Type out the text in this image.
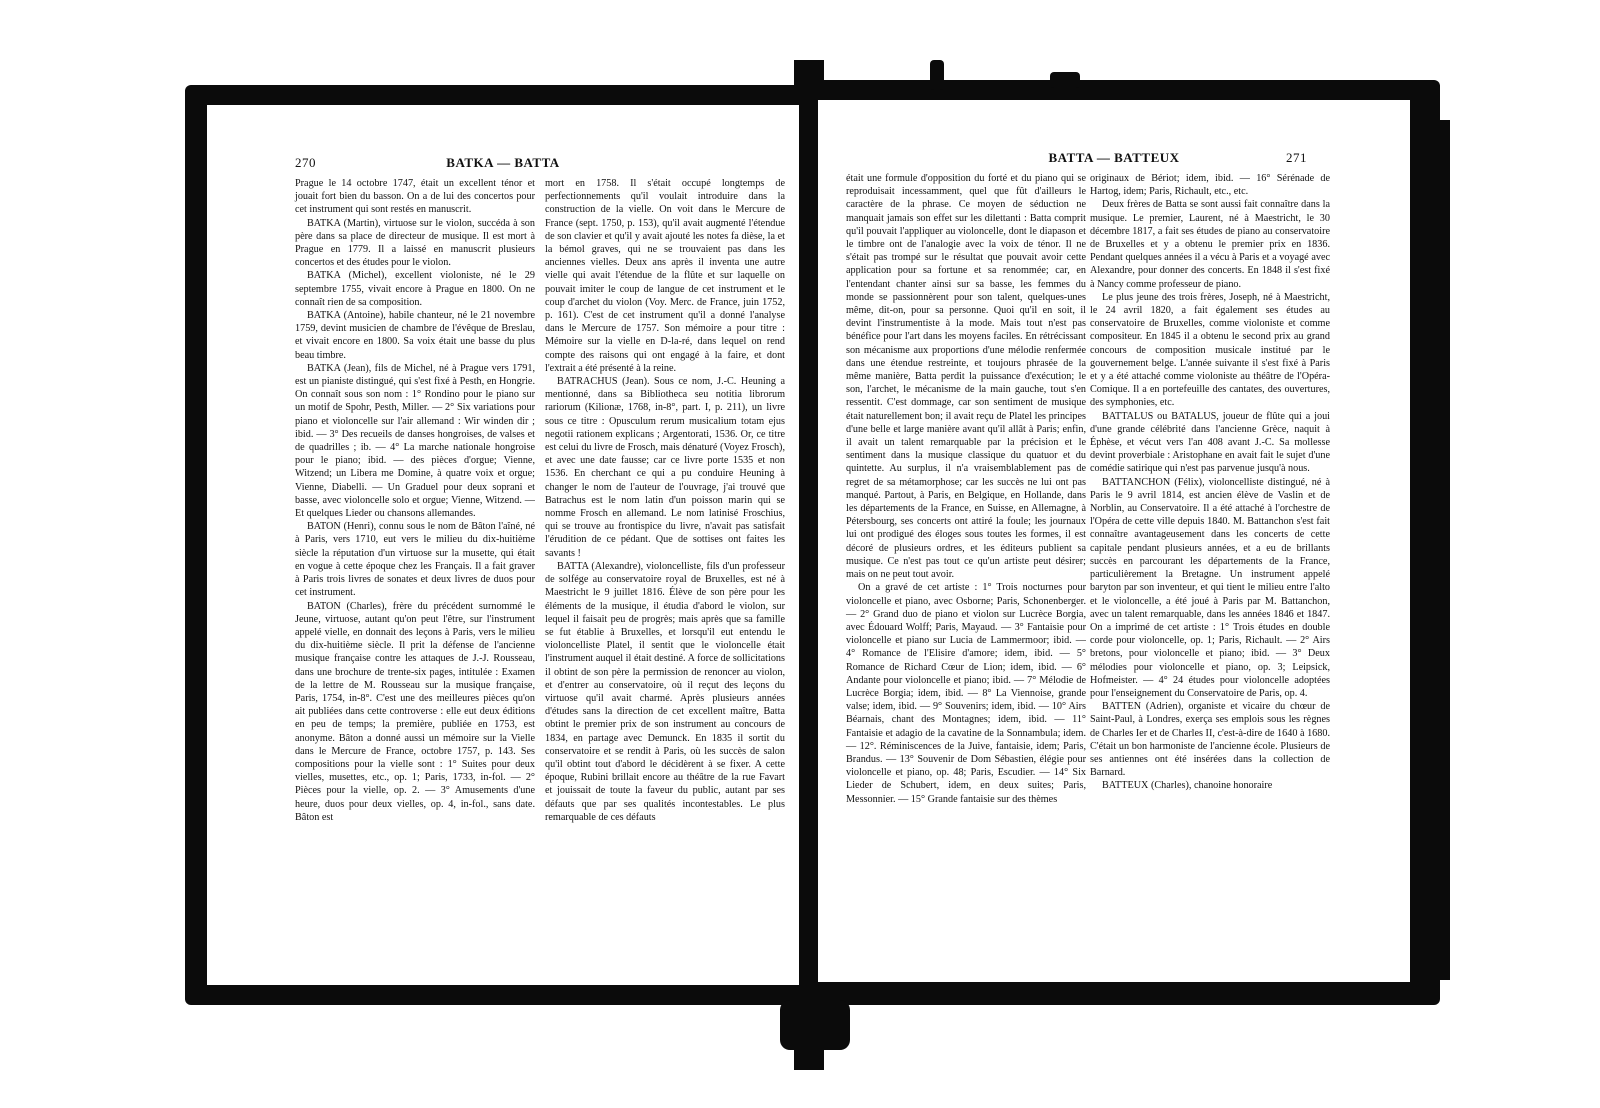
BATKA — BATTA
270

Prague le 14 octobre 1747, était un excellent ténor et jouait fort bien du basson. On a de lui des concertos pour cet instrument qui sont restés en manuscrit.

BATKA (Martin), virtuose sur le violon, succéda à son père dans sa place de directeur de musique. Il est mort à Prague en 1779. Il a laissé en manuscrit plusieurs concertos et des études pour le violon.

BATKA (Michel), excellent violoniste, né le 29 septembre 1755, vivait encore à Prague en 1800. On ne connaît rien de sa composition.

BATKA (Antoine), habile chanteur, né le 21 novembre 1759, devint musicien de chambre de l'évêque de Breslau, et vivait encore en 1800. Sa voix était une basse du plus beau timbre.

BATKA (Jean), fils de Michel, né à Prague vers 1791, est un pianiste distingué, qui s'est fixé à Pesth, en Hongrie. On connaît sous son nom : 1° Rondino pour le piano sur un motif de Spohr, Pesth, Miller. — 2° Six variations pour piano et violoncelle sur l'air allemand : Wir winden dir ; ibid. — 3° Des recueils de danses hongroises, de valses et de quadrilles ; ib. — 4° La marche nationale hongroise pour le piano; ibid. — des pièces d'orgue; Vienne, Witzend; un Libera me Domine, à quatre voix et orgue; Vienne, Diabelli. — Un Graduel pour deux soprani et basse, avec violoncelle solo et orgue; Vienne, Witzend. — Et quelques Lieder ou chansons allemandes.

BATON (Henri), connu sous le nom de Bâton l'aîné, né à Paris, vers 1710, eut vers le milieu du dix-huitième siècle la réputation d'un virtuose sur la musette, qui était en vogue à cette époque chez les Français. Il a fait graver à Paris trois livres de sonates et deux livres de duos pour cet instrument.

BATON (Charles), frère du précédent surnommé le Jeune, virtuose, autant qu'on peut l'être, sur l'instrument appelé vielle, en donnait des leçons à Paris, vers le milieu du dix-huitième siècle. Il prit la défense de l'ancienne musique française contre les attaques de J.-J. Rousseau, dans une brochure de trente-six pages, intitulée : Examen de la lettre de M. Rousseau sur la musique française, Paris, 1754, in-8°. C'est une des meilleures pièces qu'on ait publiées dans cette controverse : elle eut deux éditions en peu de temps; la première, publiée en 1753, est anonyme. Bâton a donné aussi un mémoire sur la Vielle dans le Mercure de France, octobre 1757, p. 143. Ses compositions pour la vielle sont : 1° Suites pour deux vielles, musettes, etc., op. 1; Paris, 1733, in-fol. — 2° Pièces pour la vielle, op. 2. — 3° Amusements d'une heure, duos pour deux vielles, op. 4, in-fol., sans date. Bâton est

mort en 1758. Il s'était occupé longtemps de perfectionnements qu'il voulait introduire dans la construction de la vielle. On voit dans le Mercure de France (sept. 1750, p. 153), qu'il avait augmenté l'étendue de son clavier et qu'il y avait ajouté les notes fa dièse, la et la bémol graves, qui ne se trouvaient pas dans les anciennes vielles. Deux ans après il inventa une autre vielle qui avait l'étendue de la flûte et sur laquelle on pouvait imiter le coup de langue de cet instrument et le coup d'archet du violon (Voy. Merc. de France, juin 1752, p. 161). C'est de cet instrument qu'il a donné l'analyse dans le Mercure de 1757. Son mémoire a pour titre : Mémoire sur la vielle en D-la-ré, dans lequel on rend compte des raisons qui ont engagé à la faire, et dont l'extrait a été présenté à la reine.

BATRACHUS (Jean). Sous ce nom, J.-C. Heuning a mentionné, dans sa Bibliotheca seu notitia librorum rariorum (Kilionæ, 1768, in-8°, part. I, p. 211), un livre sous ce titre : Opusculum rerum musicalium totam ejus negotii rationem explicans ; Argentorati, 1536. Or, ce titre est celui du livre de Frosch, mais dénaturé (Voyez Frosch), et avec une date fausse; car ce livre porte 1535 et non 1536. En cherchant ce qui a pu conduire Heuning à changer le nom de l'auteur de l'ouvrage, j'ai trouvé que Batrachus est le nom latin d'un poisson marin qui se nomme Frosch en allemand. Le nom latinisé Froschius, qui se trouve au frontispice du livre, n'avait pas satisfait l'érudition de ce pédant. Que de sottises ont faites les savants !

BATTA (Alexandre), violoncelliste, fils d'un professeur de solfége au conservatoire royal de Bruxelles, est né à Maestricht le 9 juillet 1816. Élève de son père pour les éléments de la musique, il étudia d'abord le violon, sur lequel il faisait peu de progrès; mais après que sa famille se fut établie à Bruxelles, et lorsqu'il eut entendu le violoncelliste Platel, il sentit que le violoncelle était l'instrument auquel il était destiné. A force de sollicitations il obtint de son père la permission de renoncer au violon, et d'entrer au conservatoire, où il reçut des leçons du virtuose qu'il avait charmé. Après plusieurs années d'études sans la direction de cet excellent maître, Batta obtint le premier prix de son instrument au concours de 1834, en partage avec Demunck. En 1835 il sortit du conservatoire et se rendit à Paris, où les succès de salon qu'il obtint tout d'abord le décidèrent à se fixer. A cette époque, Rubini brillait encore au théâtre de la rue Favart et jouissait de toute la faveur du public, autant par ses défauts que par ses qualités incontestables. Le plus remarquable de ces défauts

BATTA — BATTEUX	271

était une formule d'opposition du forté et du piano qui se reproduisait incessamment, quel que fût d'ailleurs le caractère de la phrase. Ce moyen de séduction ne manquait jamais son effet sur les dilettanti : Batta comprit qu'il pouvait l'appliquer au violoncelle, dont le diapason et le timbre ont de l'analogie avec la voix de ténor. Il ne s'était pas trompé sur le résultat que pouvait avoir cette application pour sa fortune et sa renommée; car, en l'entendant chanter ainsi sur sa basse, les femmes du monde se passionnèrent pour son talent, quelques-unes même, dit-on, pour sa personne. Quoi qu'il en soit, il devint l'instrumentiste à la mode. Mais tout n'est pas bénéfice pour l'art dans les moyens faciles. En rétrécissant son mécanisme aux proportions d'une mélodie renfermée dans une étendue restreinte, et toujours phrasée de la même manière, Batta perdit la puissance d'exécution; le son, l'archet, le mécanisme de la main gauche, tout s'en ressentit. C'est dommage, car son sentiment de musique était naturellement bon; il avait reçu de Platel les principes d'une belle et large manière avant qu'il allât à Paris; enfin, il avait un talent remarquable par la précision et le sentiment dans la musique classique du quatuor et du quintette. Au surplus, il n'a vraisemblablement pas de regret de sa métamorphose; car les succès ne lui ont pas manqué. Partout, à Paris, en Belgique, en Hollande, dans les départements de la France, en Suisse, en Allemagne, à Pétersbourg, ses concerts ont attiré la foule; les journaux lui ont prodigué des éloges sous toutes les formes, il est décoré de plusieurs ordres, et les éditeurs publient sa musique. Ce n'est pas tout ce qu'un artiste peut désirer; mais on ne peut tout avoir.

On a gravé de cet artiste : 1° Trois nocturnes pour violoncelle et piano, avec Osborne; Paris, Schonenberger. — 2° Grand duo de piano et violon sur Lucrèce Borgia, avec Édouard Wolff; Paris, Mayaud. — 3° Fantaisie pour violoncelle et piano sur Lucia de Lammermoor; ibid. — 4° Romance de l'Elisire d'amore; idem, ibid. — 5° Romance de Richard Cœur de Lion; idem, ibid. — 6° Andante pour violoncelle et piano; ibid. — 7° Mélodie de Lucrèce Borgia; idem, ibid. — 8° La Viennoise, grande valse; idem, ibid. — 9° Souvenirs; idem, ibid. — 10° Airs Béarnais, chant des Montagnes; idem, ibid. — 11° Fantaisie et adagio de la cavatine de la Sonnambula; idem. — 12°. Réminiscences de la Juive, fantaisie, idem; Paris, Brandus. — 13° Souvenir de Dom Sébastien, élégie pour violoncelle et piano, op. 48; Paris, Escudier. — 14° Six Lieder de Schubert, idem, en deux suites; Paris, Messonnier. — 15° Grande fantaisie sur des thèmes

originaux de Bériot; idem, ibid. — 16° Sérénade de Hartog, idem; Paris, Richault, etc., etc.

Deux frères de Batta se sont aussi fait connaître dans la musique. Le premier, Laurent, né à Maestricht, le 30 décembre 1817, a fait ses études de piano au conservatoire de Bruxelles et y a obtenu le premier prix en 1836. Pendant quelques années il a vécu à Paris et a voyagé avec Alexandre, pour donner des concerts. En 1848 il s'est fixé à Nancy comme professeur de piano.

Le plus jeune des trois frères, Joseph, né à Maestricht, le 24 avril 1820, a fait également ses études au conservatoire de Bruxelles, comme violoniste et comme compositeur. En 1845 il a obtenu le second prix au grand concours de composition musicale institué par le gouvernement belge. L'année suivante il s'est fixé à Paris et y a été attaché comme violoniste au théâtre de l'Opéra-Comique. Il a en portefeuille des cantates, des ouvertures, des symphonies, etc.

BATTALUS ou BATALUS, joueur de flûte qui a joui d'une grande célébrité dans l'ancienne Grèce, naquit à Éphèse, et vécut vers l'an 408 avant J.-C. Sa mollesse devint proverbiale : Aristophane en avait fait le sujet d'une comédie satirique qui n'est pas parvenue jusqu'à nous.

BATTANCHON (Félix), violoncelliste distingué, né à Paris le 9 avril 1814, est ancien élève de Vaslin et de Norblin, au Conservatoire. Il a été attaché à l'orchestre de l'Opéra de cette ville depuis 1840. M. Battanchon s'est fait connaître avantageusement dans les concerts de cette capitale pendant plusieurs années, et a eu de brillants succès en parcourant les départements de la France, particulièrement la Bretagne. Un instrument appelé baryton par son inventeur, et qui tient le milieu entre l'alto et le violoncelle, a été joué à Paris par M. Battanchon, avec un talent remarquable, dans les années 1846 et 1847. On a imprimé de cet artiste : 1° Trois études en double corde pour violoncelle, op. 1; Paris, Richault. — 2° Airs bretons, pour violoncelle et piano; ibid. — 3° Deux mélodies pour violoncelle et piano, op. 3; Leipsick, Hofmeister. — 4° 24 études pour violoncelle adoptées pour l'enseignement du Conservatoire de Paris, op. 4.

BATTEN (Adrien), organiste et vicaire du chœur de Saint-Paul, à Londres, exerça ses emplois sous les règnes de Charles Ier et de Charles II, c'est-à-dire de 1640 à 1680. C'était un bon harmoniste de l'ancienne école. Plusieurs de ses antiennes ont été insérées dans la collection de Barnard.

BATTEUX (Charles), chanoine honoraire
